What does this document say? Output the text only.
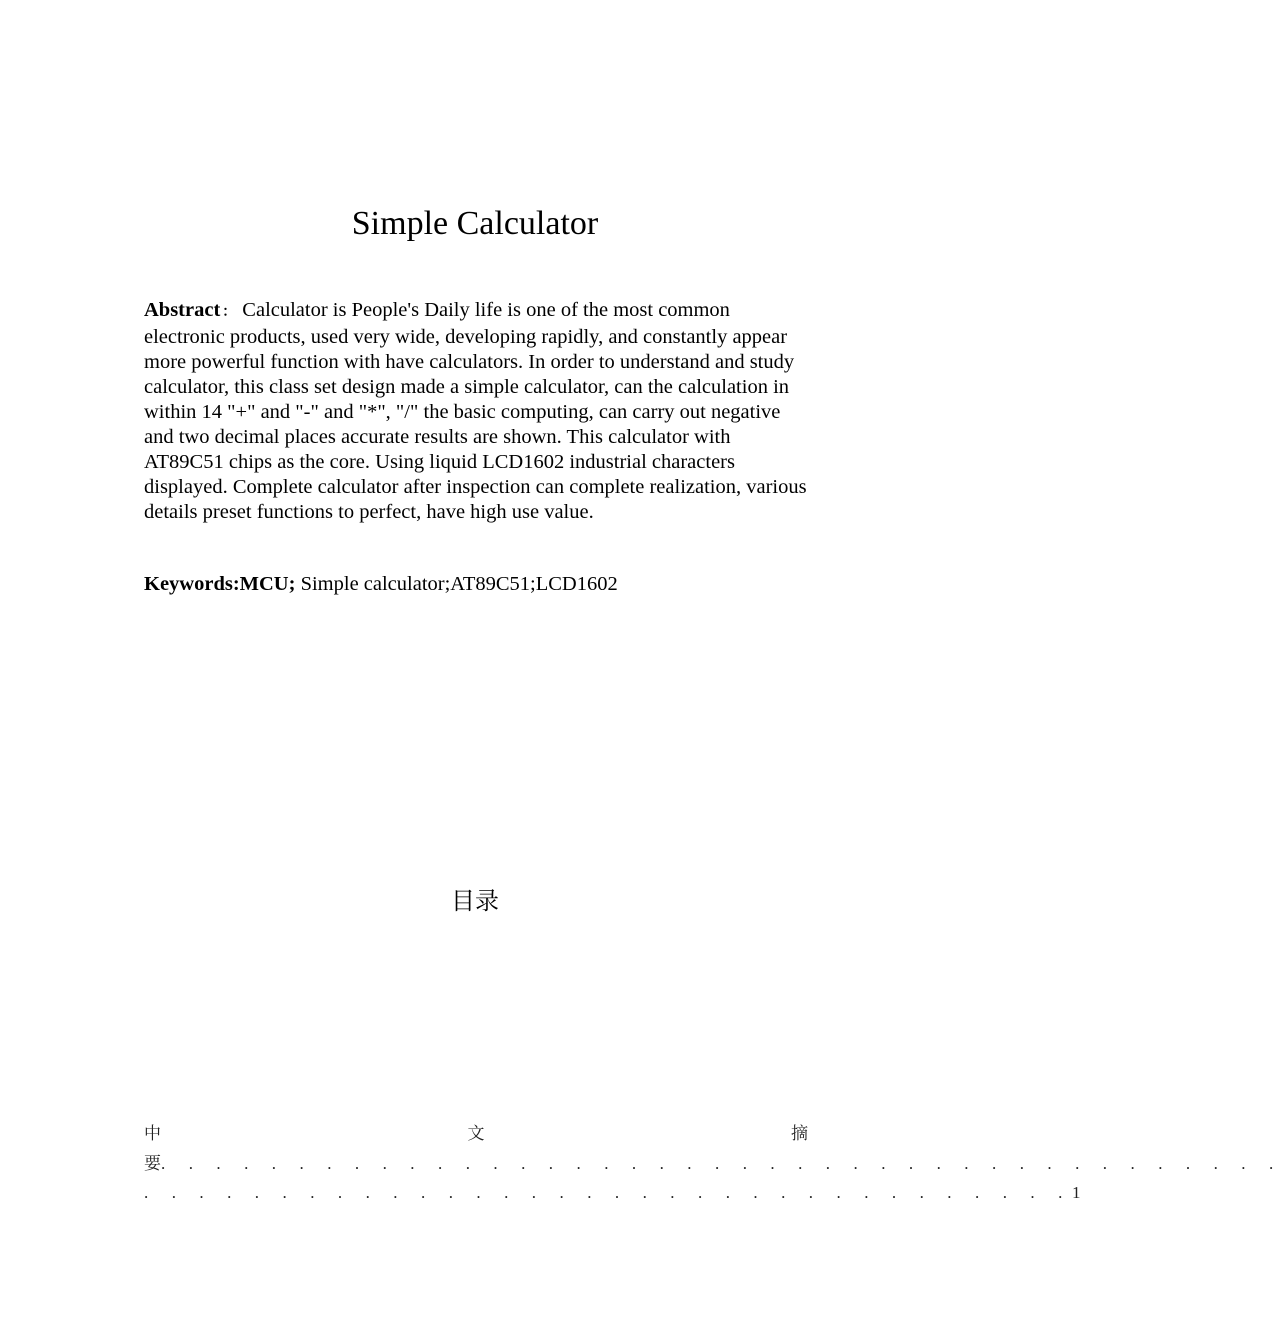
Simple Calculator

Abstract ： Calculator is People's Daily life is one of the most common electronic products, used very wide, developing rapidly, and constantly appear more powerful function with have calculators. In order to understand and study calculator, this class set design made a simple calculator, can the calculation in within 14 "+" and "-" and "*", "/" the basic computing, can carry out negative and two decimal places accurate results are shown. This calculator with AT89C51 chips as the core. Using liquid LCD1602 industrial characters displayed. Complete calculator after inspection can complete realization, various details preset functions to perfect, have high use value.

Keywords:MCU; Simple calculator;AT89C51;LCD1602

目录
中	文	摘
要. . . . . . . . . . . . . . . . . . . . . . . . . . . . . . . . . . . . . . . . .
. . . . . . . . . . . . . . . . . . . . . . . . . . . . . . . . . .1
